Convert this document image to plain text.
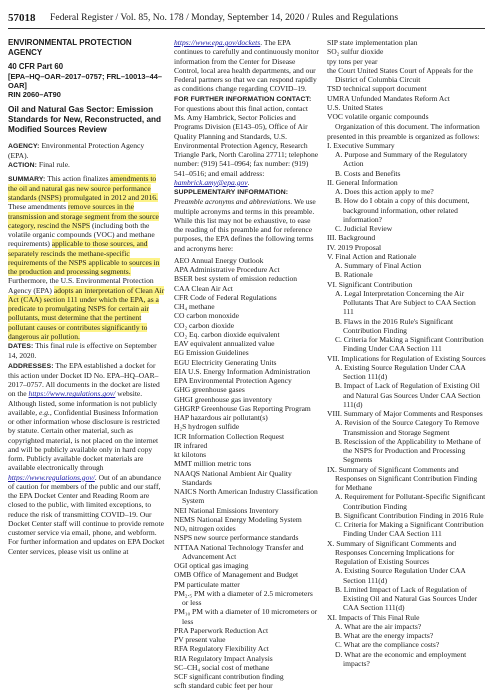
57018 Federal Register / Vol. 85, No. 178 / Monday, September 14, 2020 / Rules and Regulations
ENVIRONMENTAL PROTECTION AGENCY
40 CFR Part 60
[EPA–HQ–OAR–2017–0757; FRL–10013–44–OAR]
RIN 2060–AT90
Oil and Natural Gas Sector: Emission Standards for New, Reconstructed, and Modified Sources Review
AGENCY: Environmental Protection Agency (EPA).
ACTION: Final rule.
SUMMARY: This action finalizes amendments to the oil and natural gas new source performance standards (NSPS) promulgated in 2012 and 2016. These amendments remove sources in the transmission and storage segment from the source category, rescind the NSPS (including both the volatile organic compounds (VOC) and methane requirements) applicable to those sources, and separately rescinds the methane-specific requirements of the NSPS applicable to sources in the production and processing segments. Furthermore, the U.S. Environmental Protection Agency (EPA) adopts an interpretation of Clean Air Act (CAA) section 111 under which the EPA, as a predicate to promulgating NSPS for certain air pollutants, must determine that the pertinent pollutant causes or contributes significantly to dangerous air pollution.
DATES: This final rule is effective on September 14, 2020.
ADDRESSES: The EPA established a docket for this action under Docket ID No. EPA–HQ–OAR–2017–0757. All documents in the docket are listed on the https://www.regulations.gov/ website. Although listed, some information is not publicly available, e.g., Confidential Business Information or other information whose disclosure is restricted by statute. Certain other material, such as copyrighted material, is not placed on the internet and will be publicly available only in hard copy form. Publicly available docket materials are available electronically through https://www.regulations.gov/. Out of an abundance of caution for members of the public and our staff, the EPA Docket Center and Reading Room are closed to the public, with limited exceptions, to reduce the risk of transmitting COVID–19. Our Docket Center staff will continue to provide remote customer service via email, phone, and webform. For further information and updates on EPA Docket Center services, please visit us online at
https://www.epa.gov/dockets. The EPA continues to carefully and continuously monitor information from the Center for Disease Control, local area health departments, and our Federal partners so that we can respond rapidly as conditions change regarding COVID–19.
FOR FURTHER INFORMATION CONTACT: For questions about this final action, contact Ms. Amy Hambrick, Sector Policies and Programs Division (E143–05), Office of Air Quality Planning and Standards, U.S. Environmental Protection Agency, Research Triangle Park, North Carolina 27711; telephone number: (919) 541–0964; fax number: (919) 541–0516; and email address: hambrick.amy@epa.gov.
SUPPLEMENTARY INFORMATION: Preamble acronyms and abbreviations. We use multiple acronyms and terms in this preamble. While this list may not be exhaustive, to ease the reading of this preamble and for reference purposes, the EPA defines the following terms and acronyms here:
AEO Annual Energy Outlook
APA Administrative Procedure Act
BSER best system of emission reduction
CAA Clean Air Act
CFR Code of Federal Regulations
CH₄ methane
CO carbon monoxide
CO₂ carbon dioxide
CO₂ Eq. carbon dioxide equivalent
EAV equivalent annualized value
EG Emission Guidelines
EGU Electricity Generating Units
EIA U.S. Energy Information Administration
EPA Environmental Protection Agency
GHG greenhouse gases
GHGI greenhouse gas inventory
GHGRP Greenhouse Gas Reporting Program
HAP hazardous air pollutant(s)
H₂S hydrogen sulfide
ICR Information Collection Request
IR infrared
kt kilotons
MMT million metric tons
NAAQS National Ambient Air Quality Standards
NAICS North American Industry Classification System
NEI National Emissions Inventory
NEMS National Energy Modeling System
NOₓ nitrogen oxides
NSPS new source performance standards
NTTAA National Technology Transfer and Advancement Act
OGI optical gas imaging
OMB Office of Management and Budget
PM particulate matter
PM₂.₅ PM with a diameter of 2.5 micrometers or less
PM₁₀ PM with a diameter of 10 micrometers or less
PRA Paperwork Reduction Act
PV present value
RFA Regulatory Flexibility Act
RIA Regulatory Impact Analysis
SC–CH₄ social cost of methane
SCF significant contribution finding
scfh standard cubic feet per hour
SIP state implementation plan
SO₂ sulfur dioxide
tpy tons per year
the Court United States Court of Appeals for the District of Columbia Circuit
TSD technical support document
UMRA Unfunded Mandates Reform Act
U.S. United States
VOC volatile organic compounds
Organization of this document. The information presented in this preamble is organized as follows:
I. Executive Summary
A. Purpose and Summary of the Regulatory Action
B. Costs and Benefits
II. General Information
A. Does this action apply to me?
B. How do I obtain a copy of this document, background information, other related information?
C. Judicial Review
III. Background
IV. 2019 Proposal
V. Final Action and Rationale
A. Summary of Final Action
B. Rationale
VI. Significant Contribution
A. Legal Interpretation Concerning the Air Pollutants That Are Subject to CAA Section 111
B. Flaws in the 2016 Rule's Significant Contribution Finding
C. Criteria for Making a Significant Contribution Finding Under CAA Section 111
VII. Implications for Regulation of Existing Sources
A. Existing Source Regulation Under CAA Section 111(d)
B. Impact of Lack of Regulation of Existing Oil and Natural Gas Sources Under CAA Section 111(d)
VIII. Summary of Major Comments and Responses
A. Revision of the Source Category To Remove Transmission and Storage Segment
B. Rescission of the Applicability to Methane of the NSPS for Production and Processing Segments
IX. Summary of Significant Comments and Responses on Significant Contribution Finding for Methane
A. Requirement for Pollutant-Specific Significant Contribution Finding
B. Significant Contribution Finding in 2016 Rule
C. Criteria for Making a Significant Contribution Finding Under CAA Section 111
X. Summary of Significant Comments and Responses Concerning Implications for Regulation of Existing Sources
A. Existing Source Regulation Under CAA Section 111(d)
B. Limited Impact of Lack of Regulation of Existing Oil and Natural Gas Sources Under CAA Section 111(d)
XI. Impacts of This Final Rule
A. What are the air impacts?
B. What are the energy impacts?
C. What are the compliance costs?
D. What are the economic and employment impacts?
